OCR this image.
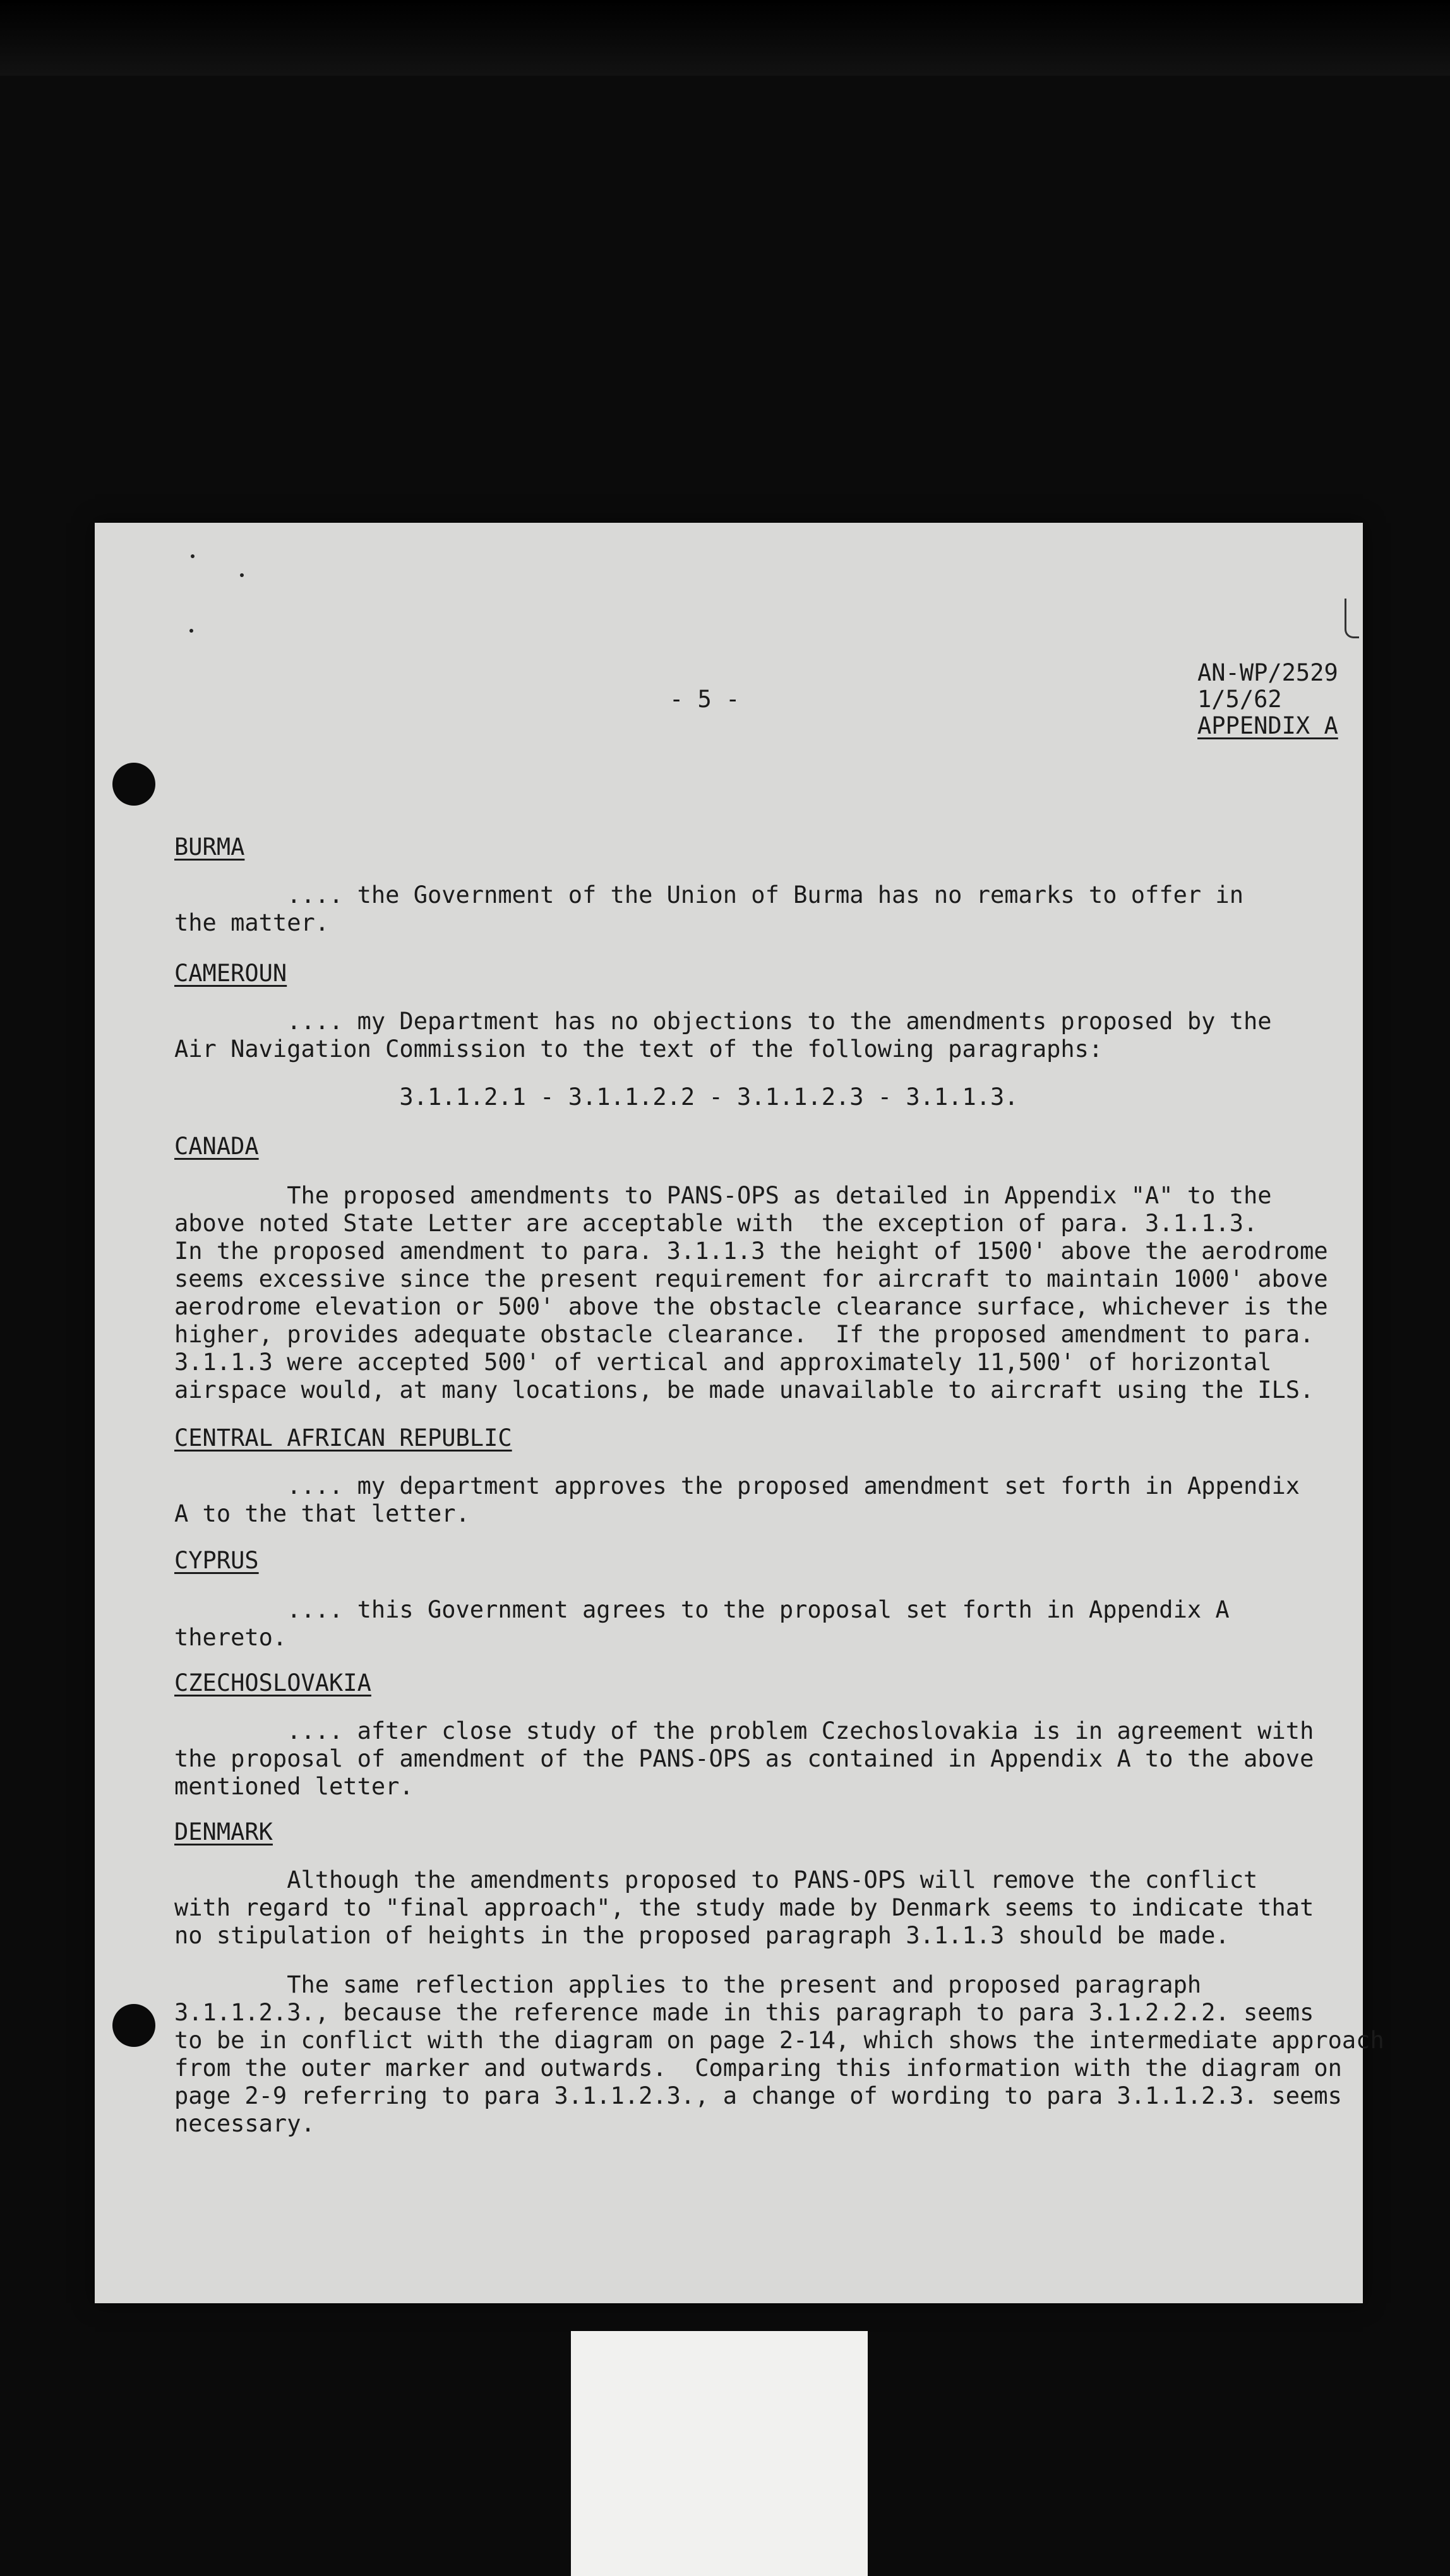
- 5 -
AN-WP/2529
1/5/62
APPENDIX A
BURMA
.... the Government of the Union of Burma has no remarks to offer in
the matter.
CAMEROUN
.... my Department has no objections to the amendments proposed by the
Air Navigation Commission to the text of the following paragraphs:
3.1.1.2.1 - 3.1.1.2.2 - 3.1.1.2.3 - 3.1.1.3.
CANADA
The proposed amendments to PANS-OPS as detailed in Appendix "A" to the
above noted State Letter are acceptable with  the exception of para. 3.1.1.3.
In the proposed amendment to para. 3.1.1.3 the height of 1500' above the aerodrome
seems excessive since the present requirement for aircraft to maintain 1000' above
aerodrome elevation or 500' above the obstacle clearance surface, whichever is the
higher, provides adequate obstacle clearance.  If the proposed amendment to para.
3.1.1.3 were accepted 500' of vertical and approximately 11,500' of horizontal
airspace would, at many locations, be made unavailable to aircraft using the ILS.
CENTRAL AFRICAN REPUBLIC
.... my department approves the proposed amendment set forth in Appendix
A to the that letter.
CYPRUS
.... this Government agrees to the proposal set forth in Appendix A
thereto.
CZECHOSLOVAKIA
.... after close study of the problem Czechoslovakia is in agreement with
the proposal of amendment of the PANS-OPS as contained in Appendix A to the above
mentioned letter.
DENMARK
Although the amendments proposed to PANS-OPS will remove the conflict
with regard to "final approach", the study made by Denmark seems to indicate that
no stipulation of heights in the proposed paragraph 3.1.1.3 should be made.
The same reflection applies to the present and proposed paragraph
3.1.1.2.3., because the reference made in this paragraph to para 3.1.2.2.2. seems
to be in conflict with the diagram on page 2-14, which shows the intermediate approach
from the outer marker and outwards.  Comparing this information with the diagram on
page 2-9 referring to para 3.1.1.2.3., a change of wording to para 3.1.1.2.3. seems
necessary.
